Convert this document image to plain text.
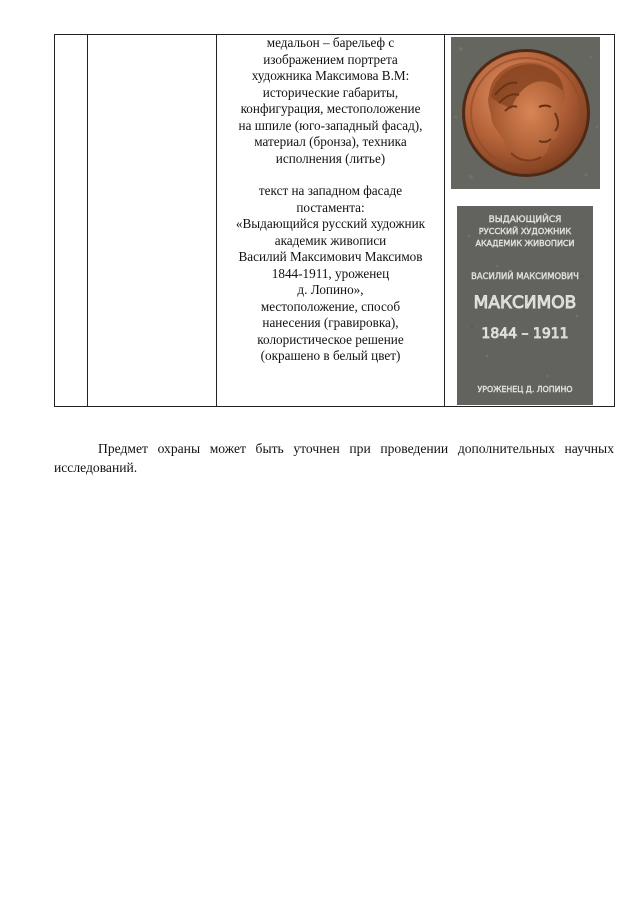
медальон – барельеф с

изображением портрета

художника Максимова В.М:

исторические габариты,

конфигурация, местоположение

на шпиле (юго-западный фасад),

материал (бронза), техника

исполнения (литье)

текст на западном фасаде

постамента:

«Выдающийся русский художник

академик живописи

Василий Максимович Максимов

1844-1911, уроженец

д. Лопино»,

местоположение, способ

нанесения (гравировка),

колористическое решение

(окрашено в белый цвет)

ВЫДАЮЩИЙСЯ
РУССКИЙ ХУДОЖНИК
АКАДЕМИК ЖИВОПИСИ
ВАСИЛИЙ МАКСИМОВИЧ
МАКСИМОВ
1844 – 1911
УРОЖЕНЕЦ Д. ЛОПИНО

Предмет охраны может быть уточнен при проведении дополнительных научных исследований.
